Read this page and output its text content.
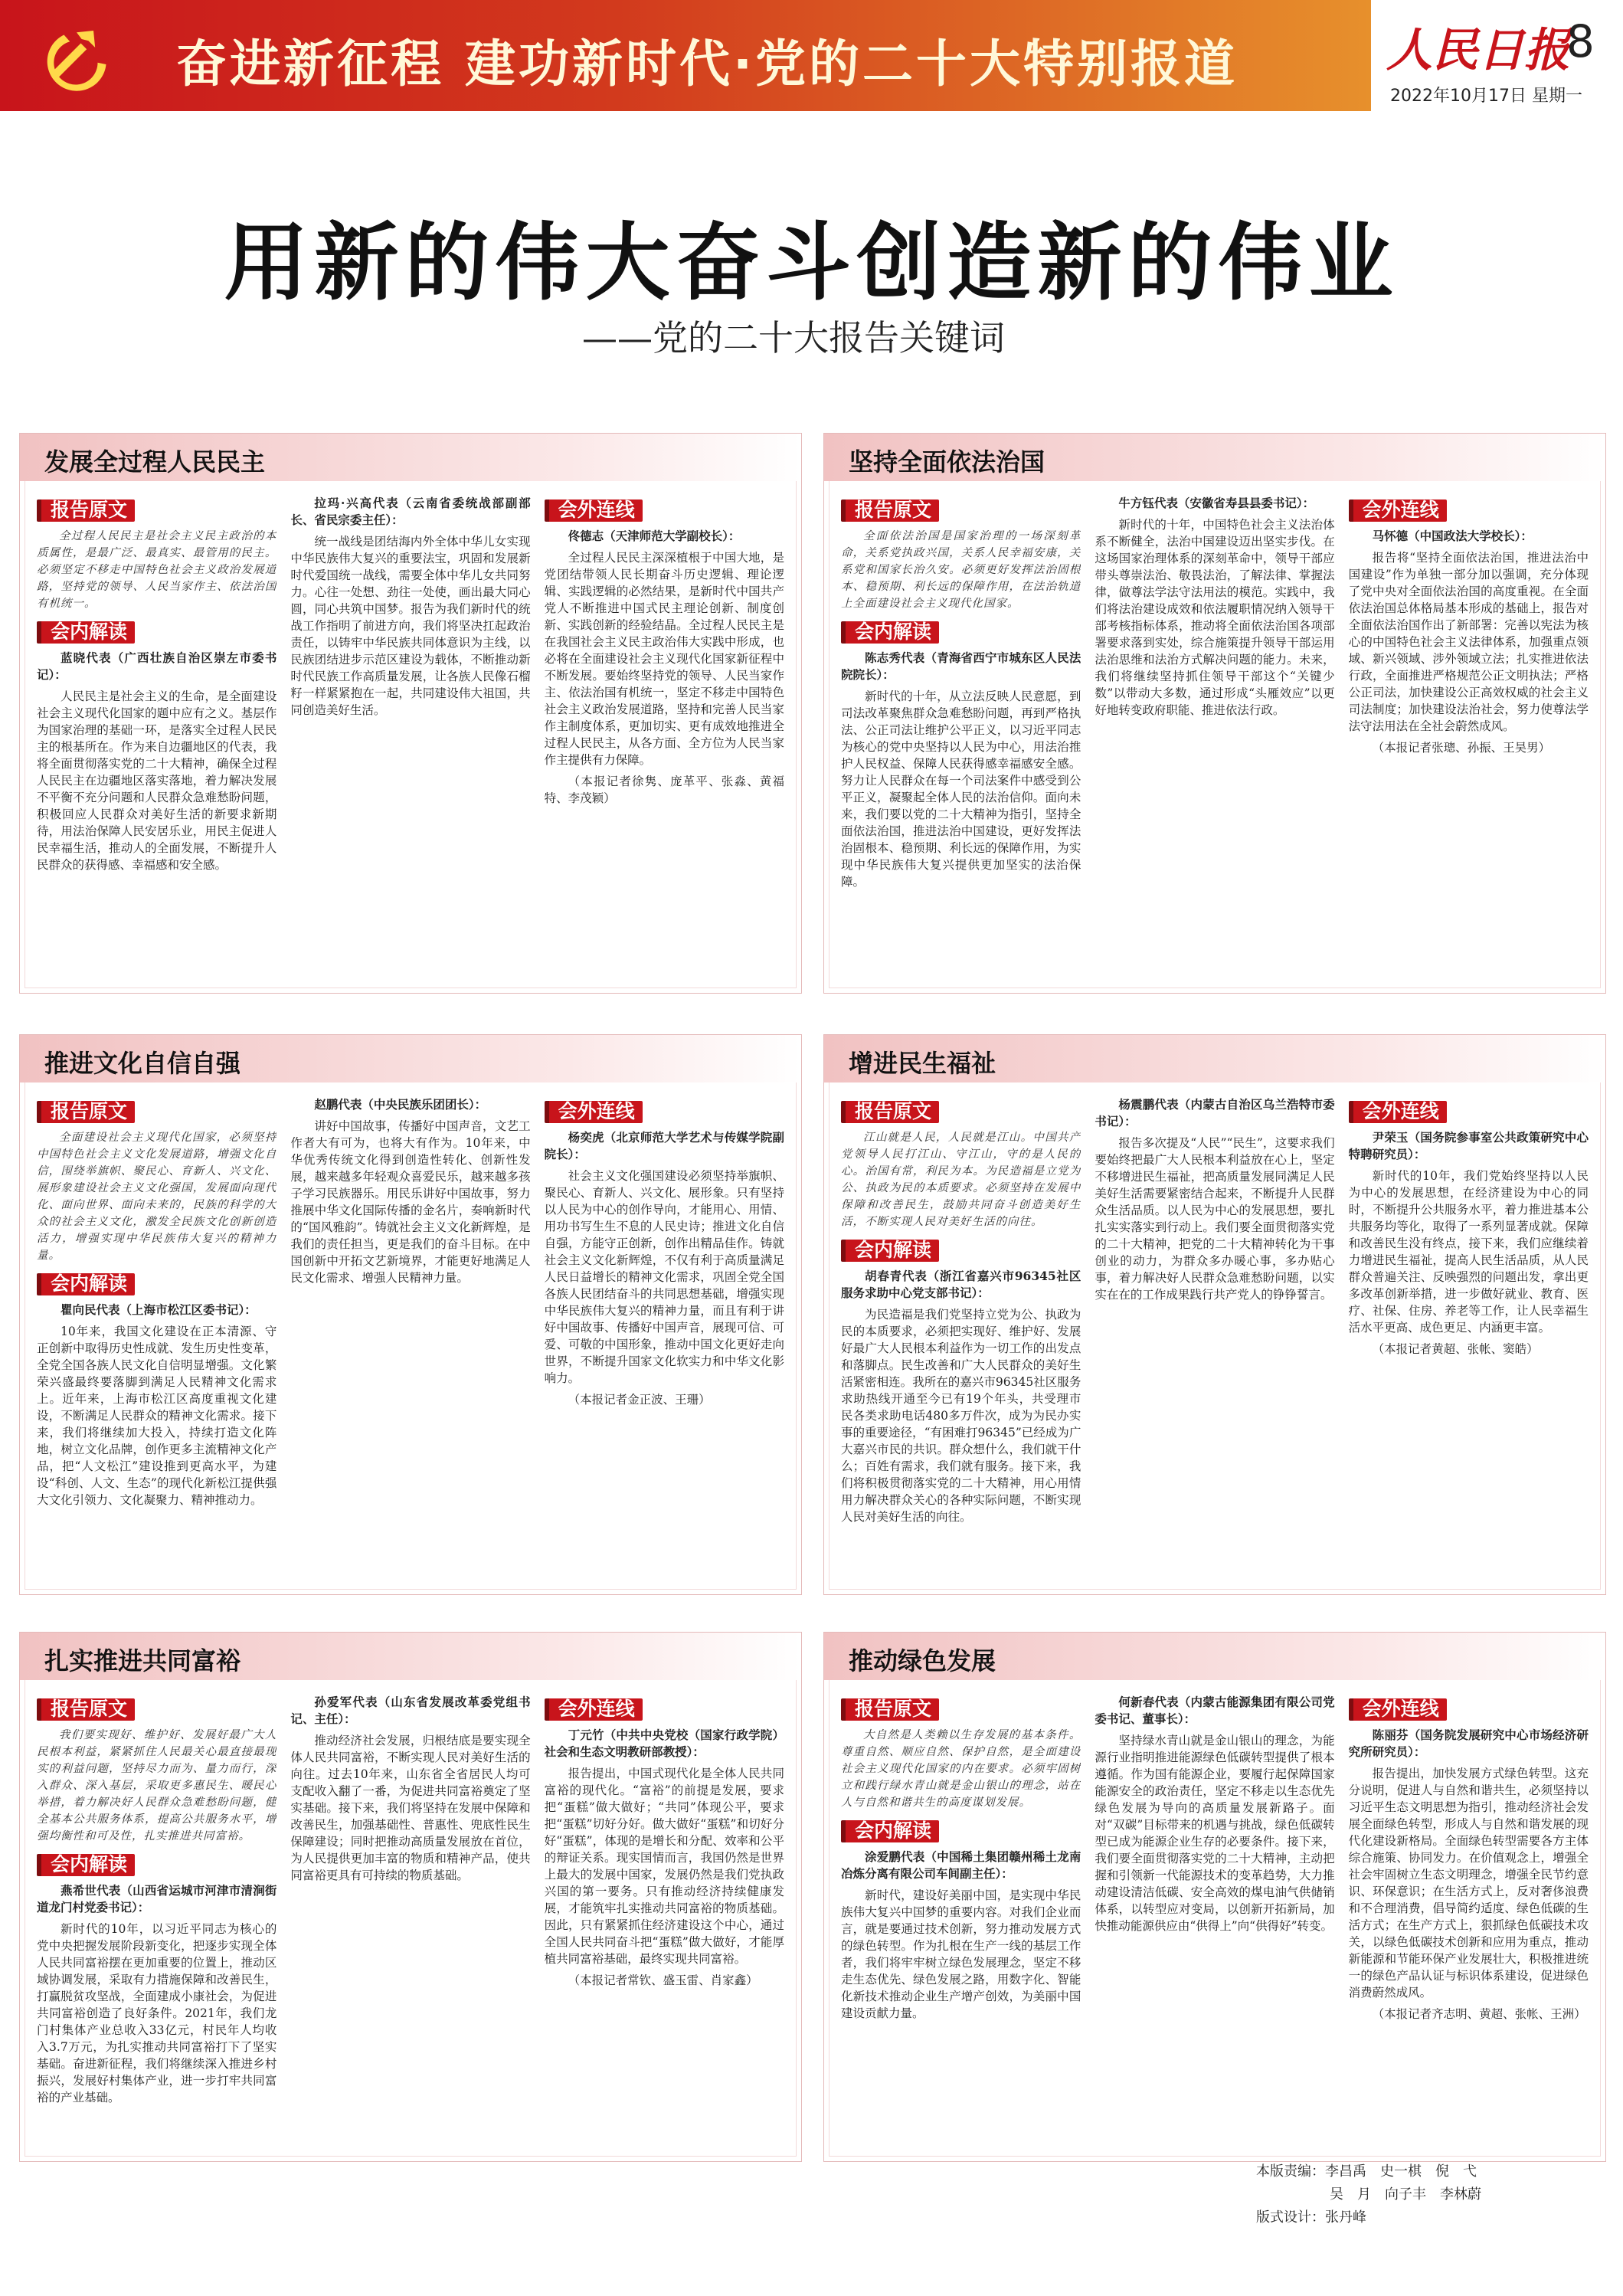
奋进新征程 建功新时代·党的二十大特别报道	人民日报
8
2022年10月17日 星期一
用新的伟大奋斗创造新的伟业
——党的二十大报告关键词
发展全过程人民民主
报告原文

全过程人民民主是社会主义民主政治的本质属性，是最广泛、最真实、最管用的民主。必须坚定不移走中国特色社会主义政治发展道路，坚持党的领导、人民当家作主、依法治国有机统一。

会内解读

蓝晓代表（广西壮族自治区崇左市委书记）：

人民民主是社会主义的生命，是全面建设社会主义现代化国家的题中应有之义。基层作为国家治理的基础一环，是落实全过程人民民主的根基所在。作为来自边疆地区的代表，我将全面贯彻落实党的二十大精神，确保全过程人民民主在边疆地区落实落地，着力解决发展不平衡不充分问题和人民群众急难愁盼问题，积极回应人民群众对美好生活的新要求新期待，用法治保障人民安居乐业，用民主促进人民幸福生活，推动人的全面发展，不断提升人民群众的获得感、幸福感和安全感。

拉玛·兴高代表（云南省委统战部副部长、省民宗委主任）：

统一战线是团结海内外全体中华儿女实现中华民族伟大复兴的重要法宝，巩固和发展新时代爱国统一战线，需要全体中华儿女共同努力。心往一处想、劲往一处使，画出最大同心圆，同心共筑中国梦。报告为我们新时代的统战工作指明了前进方向，我们将坚决扛起政治责任，以铸牢中华民族共同体意识为主线，以民族团结进步示范区建设为载体，不断推动新时代民族工作高质量发展，让各族人民像石榴籽一样紧紧抱在一起，共同建设伟大祖国，共同创造美好生活。

会外连线

佟德志（天津师范大学副校长）：

全过程人民民主深深植根于中国大地，是党团结带领人民长期奋斗历史逻辑、理论逻辑、实践逻辑的必然结果，是新时代中国共产党人不断推进中国式民主理论创新、制度创新、实践创新的经验结晶。全过程人民民主是在我国社会主义民主政治伟大实践中形成，也必将在全面建设社会主义现代化国家新征程中不断发展。要始终坚持党的领导、人民当家作主、依法治国有机统一，坚定不移走中国特色社会主义政治发展道路，坚持和完善人民当家作主制度体系，更加切实、更有成效地推进全过程人民民主，从各方面、全方位为人民当家作主提供有力保障。

（本报记者徐隽、庞革平、张淼、黄福特、李茂颖）

坚持全面依法治国
报告原文

全面依法治国是国家治理的一场深刻革命，关系党执政兴国，关系人民幸福安康，关系党和国家长治久安。必须更好发挥法治固根本、稳预期、利长远的保障作用，在法治轨道上全面建设社会主义现代化国家。

会内解读

陈志秀代表（青海省西宁市城东区人民法院院长）：

新时代的十年，从立法反映人民意愿，到司法改革聚焦群众急难愁盼问题，再到严格执法、公正司法让维护公平正义，以习近平同志为核心的党中央坚持以人民为中心，用法治推护人民权益、保障人民获得感幸福感安全感。努力让人民群众在每一个司法案件中感受到公平正义，凝聚起全体人民的法治信仰。面向未来，我们要以党的二十大精神为指引，坚持全面依法治国，推进法治中国建设，更好发挥法治固根本、稳预期、利长远的保障作用，为实现中华民族伟大复兴提供更加坚实的法治保障。

牛方钰代表（安徽省寿县县委书记）：

新时代的十年，中国特色社会主义法治体系不断健全，法治中国建设迈出坚实步伐。在这场国家治理体系的深刻革命中，领导干部应带头尊崇法治、敬畏法治，了解法律、掌握法律，做尊法学法守法用法的模范。实践中，我们将法治建设成效和依法履职情况纳入领导干部考核指标体系，推动将全面依法治国各项部署要求落到实处，综合施策提升领导干部运用法治思维和法治方式解决问题的能力。未来，我们将继续坚持抓住领导干部这个“关键少数”以带动大多数，通过形成“头雁效应”以更好地转变政府职能、推进依法行政。

会外连线

马怀德（中国政法大学校长）：

报告将“坚持全面依法治国，推进法治中国建设”作为单独一部分加以强调，充分体现了党中央对全面依法治国的高度重视。在全面依法治国总体格局基本形成的基础上，报告对全面依法治国作出了新部署：完善以宪法为核心的中国特色社会主义法律体系，加强重点领域、新兴领域、涉外领域立法；扎实推进依法行政，全面推进严格规范公正文明执法；严格公正司法，加快建设公正高效权威的社会主义司法制度；加快建设法治社会，努力使尊法学法守法用法在全社会蔚然成风。

（本报记者张璁、孙振、王昊男）

推进文化自信自强
报告原文

全面建设社会主义现代化国家，必须坚持中国特色社会主义文化发展道路，增强文化自信，围绕举旗帜、聚民心、育新人、兴文化、展形象建设社会主义文化强国，发展面向现代化、面向世界、面向未来的，民族的科学的大众的社会主义文化，激发全民族文化创新创造活力，增强实现中华民族伟大复兴的精神力量。

会内解读

瞿向民代表（上海市松江区委书记）：

10年来，我国文化建设在正本清源、守正创新中取得历史性成就、发生历史性变革，全党全国各族人民文化自信明显增强。文化繁荣兴盛最终要落脚到满足人民精神文化需求上。近年来，上海市松江区高度重视文化建设，不断满足人民群众的精神文化需求。接下来，我们将继续加大投入，持续打造文化阵地，树立文化品牌，创作更多主流精神文化产品，把“人文松江”建设推到更高水平，为建设“科创、人文、生态”的现代化新松江提供强大文化引领力、文化凝聚力、精神推动力。

赵鹏代表（中央民族乐团团长）：

讲好中国故事，传播好中国声音，文艺工作者大有可为，也将大有作为。10年来，中华优秀传统文化得到创造性转化、创新性发展，越来越多年轻观众喜爱民乐，越来越多孩子学习民族器乐。用民乐讲好中国故事，努力推展中华文化国际传播的金名片，奏响新时代的“国风雅韵”。铸就社会主义文化新辉煌，是我们的责任担当，更是我们的奋斗目标。在中国创新中开拓文艺新境界，才能更好地满足人民文化需求、增强人民精神力量。

会外连线

杨奕虎（北京师范大学艺术与传媒学院副院长）：

社会主义文化强国建设必须坚持举旗帜、聚民心、育新人、兴文化、展形象。只有坚持以人民为中心的创作导向，才能用心、用情、用功书写生生不息的人民史诗；推进文化自信自强，方能守正创新，创作出精品佳作。铸就社会主义文化新辉煌，不仅有利于高质量满足人民日益增长的精神文化需求，巩固全党全国各族人民团结奋斗的共同思想基础，增强实现中华民族伟大复兴的精神力量，而且有利于讲好中国故事、传播好中国声音，展现可信、可爱、可敬的中国形象，推动中国文化更好走向世界，不断提升国家文化软实力和中华文化影响力。

（本报记者金正波、王珊）

增进民生福祉
报告原文

江山就是人民，人民就是江山。中国共产党领导人民打江山、守江山，守的是人民的心。治国有常，利民为本。为民造福是立党为公、执政为民的本质要求。必须坚持在发展中保障和改善民生，鼓励共同奋斗创造美好生活，不断实现人民对美好生活的向往。

会内解读

胡春青代表（浙江省嘉兴市96345社区服务求助中心党支部书记）：

为民造福是我们党坚持立党为公、执政为民的本质要求，必须把实现好、维护好、发展好最广大人民根本利益作为一切工作的出发点和落脚点。民生改善和广大人民群众的美好生活紧密相连。我所在的嘉兴市96345社区服务求助热线开通至今已有19个年头，共受理市民各类求助电话480多万件次，成为为民办实事的重要途径，“有困难打96345”已经成为广大嘉兴市民的共识。群众想什么，我们就干什么；百姓有需求，我们就有服务。接下来，我们将积极贯彻落实党的二十大精神，用心用情用力解决群众关心的各种实际问题，不断实现人民对美好生活的向往。

杨震鹏代表（内蒙古自治区乌兰浩特市委书记）：

报告多次提及“人民”“民生”，这要求我们要始终把最广大人民根本利益放在心上，坚定不移增进民生福祉，把高质量发展同满足人民美好生活需要紧密结合起来，不断提升人民群众生活品质。以人民为中心的发展思想，要扎扎实实落实到行动上。我们要全面贯彻落实党的二十大精神，把党的二十大精神转化为干事创业的动力，为群众多办暖心事，多办贴心事，着力解决好人民群众急难愁盼问题，以实实在在的工作成果践行共产党人的铮铮誓言。

会外连线

尹荣玉（国务院参事室公共政策研究中心特聘研究员）：

新时代的10年，我们党始终坚持以人民为中心的发展思想，在经济建设为中心的同时，不断提升公共服务水平，着力推进基本公共服务均等化，取得了一系列显著成就。保障和改善民生没有终点，接下来，我们应继续着力增进民生福祉，提高人民生活品质，从人民群众普遍关注、反映强烈的问题出发，拿出更多改革创新举措，进一步做好就业、教育、医疗、社保、住房、养老等工作，让人民幸福生活水平更高、成色更足、内涵更丰富。

（本报记者黄超、张帐、窦皓）

扎实推进共同富裕
报告原文

我们要实现好、维护好、发展好最广大人民根本利益，紧紧抓住人民最关心最直接最现实的利益问题，坚持尽力而为、量力而行，深入群众、深入基层，采取更多惠民生、暖民心举措，着力解决好人民群众急难愁盼问题，健全基本公共服务体系，提高公共服务水平，增强均衡性和可及性，扎实推进共同富裕。

会内解读

燕希世代表（山西省运城市河津市清涧街道龙门村党委书记）：

新时代的10年，以习近平同志为核心的党中央把握发展阶段新变化，把逐步实现全体人民共同富裕摆在更加重要的位置上，推动区域协调发展，采取有力措施保障和改善民生，打赢脱贫攻坚战，全面建成小康社会，为促进共同富裕创造了良好条件。2021年，我们龙门村集体产业总收入33亿元，村民年人均收入3.7万元，为扎实推动共同富裕打下了坚实基础。奋进新征程，我们将继续深入推进乡村振兴，发展好村集体产业，进一步打牢共同富裕的产业基础。

孙爱军代表（山东省发展改革委党组书记、主任）：

推动经济社会发展，归根结底是要实现全体人民共同富裕，不断实现人民对美好生活的向往。过去10年来，山东省全省居民人均可支配收入翻了一番，为促进共同富裕奠定了坚实基础。接下来，我们将坚持在发展中保障和改善民生，加强基础性、普惠性、兜底性民生保障建设；同时把推动高质量发展放在首位，为人民提供更加丰富的物质和精神产品，使共同富裕更具有可持续的物质基础。

会外连线

丁元竹（中共中央党校（国家行政学院）社会和生态文明教研部教授）：

报告提出，中国式现代化是全体人民共同富裕的现代化。“富裕”的前提是发展，要求把“蛋糕”做大做好；“共同”体现公平，要求把“蛋糕”切好分好。做大做好“蛋糕”和切好分好“蛋糕”，体现的是增长和分配、效率和公平的辩证关系。现实国情而言，我国仍然是世界上最大的发展中国家，发展仍然是我们党执政兴国的第一要务。只有推动经济持续健康发展，才能筑牢扎实推动共同富裕的物质基础。因此，只有紧紧抓住经济建设这个中心，通过全国人民共同奋斗把“蛋糕”做大做好，才能厚植共同富裕基础，最终实现共同富裕。

（本报记者常钦、盛玉雷、肖家鑫）

推动绿色发展
报告原文

大自然是人类赖以生存发展的基本条件。尊重自然、顺应自然、保护自然，是全面建设社会主义现代化国家的内在要求。必须牢固树立和践行绿水青山就是金山银山的理念，站在人与自然和谐共生的高度谋划发展。

会内解读

涂爱鹏代表（中国稀土集团赣州稀土龙南冶炼分离有限公司车间副主任）：

新时代，建设好美丽中国，是实现中华民族伟大复兴中国梦的重要内容。对我们企业而言，就是要通过技术创新，努力推动发展方式的绿色转型。作为扎根在生产一线的基层工作者，我们将牢牢树立绿色发展理念，坚定不移走生态优先、绿色发展之路，用数字化、智能化新技术推动企业生产增产创效，为美丽中国建设贡献力量。

何新春代表（内蒙古能源集团有限公司党委书记、董事长）：

坚持绿水青山就是金山银山的理念，为能源行业指明推进能源绿色低碳转型提供了根本遵循。作为国有能源企业，要履行起保障国家能源安全的政治责任，坚定不移走以生态优先绿色发展为导向的高质量发展新路子。面对“双碳”目标带来的机遇与挑战，绿色低碳转型已成为能源企业生存的必要条件。接下来，我们要全面贯彻落实党的二十大精神，主动把握和引领新一代能源技术的变革趋势，大力推动建设清洁低碳、安全高效的煤电油气供储销体系，以转型应对变局，以创新开拓新局，加快推动能源供应由“供得上”向“供得好”转变。

会外连线

陈丽芬（国务院发展研究中心市场经济研究所研究员）：

报告提出，加快发展方式绿色转型。这充分说明，促进人与自然和谐共生，必须坚持以习近平生态文明思想为指引，推动经济社会发展全面绿色转型，形成人与自然和谐发展的现代化建设新格局。全面绿色转型需要各方主体综合施策、协同发力。在价值观念上，增强全社会牢固树立生态文明理念，增强全民节约意识、环保意识；在生活方式上，反对奢侈浪费和不合理消费，倡导简约适度、绿色低碳的生活方式；在生产方式上，狠抓绿色低碳技术攻关，以绿色低碳技术创新和应用为重点，推动新能源和节能环保产业发展壮大，积极推进统一的绿色产品认证与标识体系建设，促进绿色消费蔚然成风。

（本报记者齐志明、黄超、张帐、王洲）

本版责编：李昌禹　史一棋　倪　弋
吴　月　向子丰　李林蔚
版式设计：张丹峰
